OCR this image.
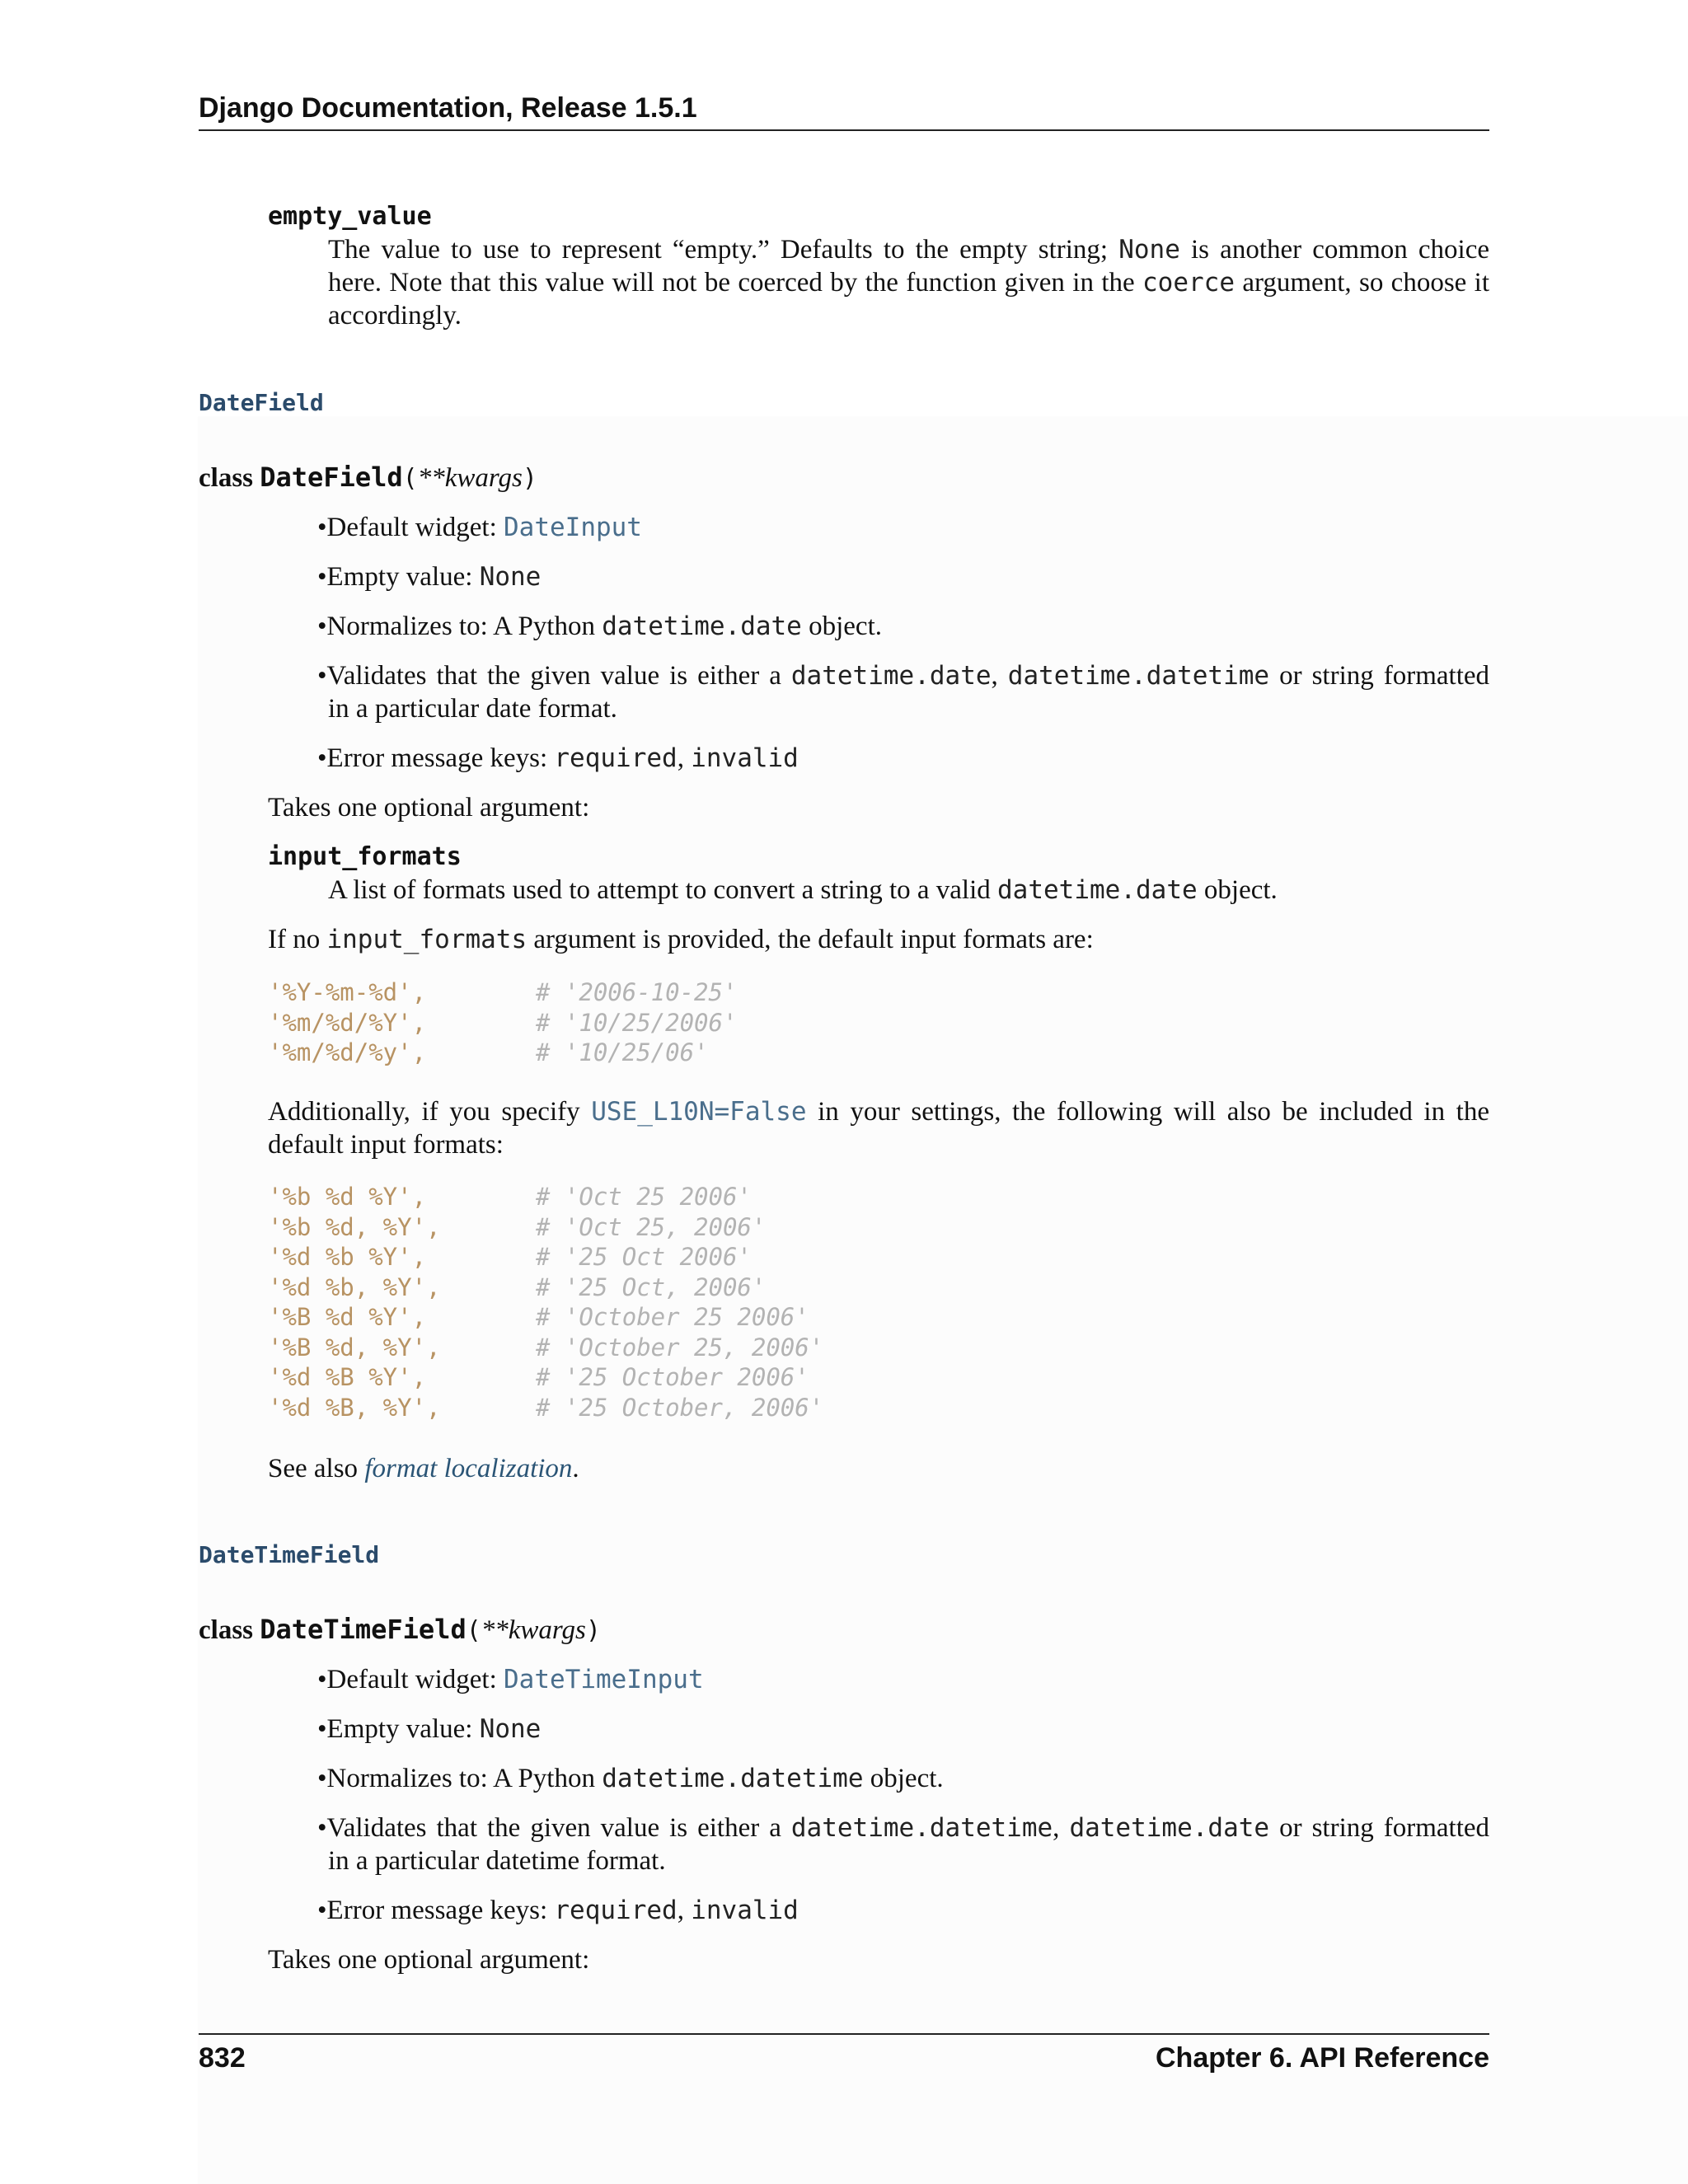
Django Documentation, Release 1.5.1
empty_value
The value to use to represent “empty.” Defaults to the empty string; None is another common choice
here. Note that this value will not be coerced by the function given in the coerce argument, so choose it
accordingly.
DateField
class DateField(**kwargs)
•Default widget: DateInput
•Empty value: None
•Normalizes to: A Python datetime.date object.
•Validates that the given value is either a datetime.date, datetime.datetime or string formatted
in a particular date format.
•Error message keys: required, invalid
Takes one optional argument:
input_formats
A list of formats used to attempt to convert a string to a valid datetime.date object.
If no input_formats argument is provided, the default input formats are:
'%Y-%m-%d',	# '2006-10-25'
'%m/%d/%Y',	# '10/25/2006'
'%m/%d/%y',	# '10/25/06'
Additionally, if you specify USE_L10N=False in your settings, the following will also be included in the
default input formats:
'%b %d %Y',	# 'Oct 25 2006'
'%b %d, %Y',	# 'Oct 25, 2006'
'%d %b %Y',	# '25 Oct 2006'
'%d %b, %Y',	# '25 Oct, 2006'
'%B %d %Y',	# 'October 25 2006'
'%B %d, %Y',	# 'October 25, 2006'
'%d %B %Y',	# '25 October 2006'
'%d %B, %Y',	# '25 October, 2006'
See also format localization.
DateTimeField
class DateTimeField(**kwargs)
•Default widget: DateTimeInput
•Empty value: None
•Normalizes to: A Python datetime.datetime object.
•Validates that the given value is either a datetime.datetime, datetime.date or string formatted
in a particular datetime format.
•Error message keys: required, invalid
Takes one optional argument:
832	Chapter 6. API Reference
